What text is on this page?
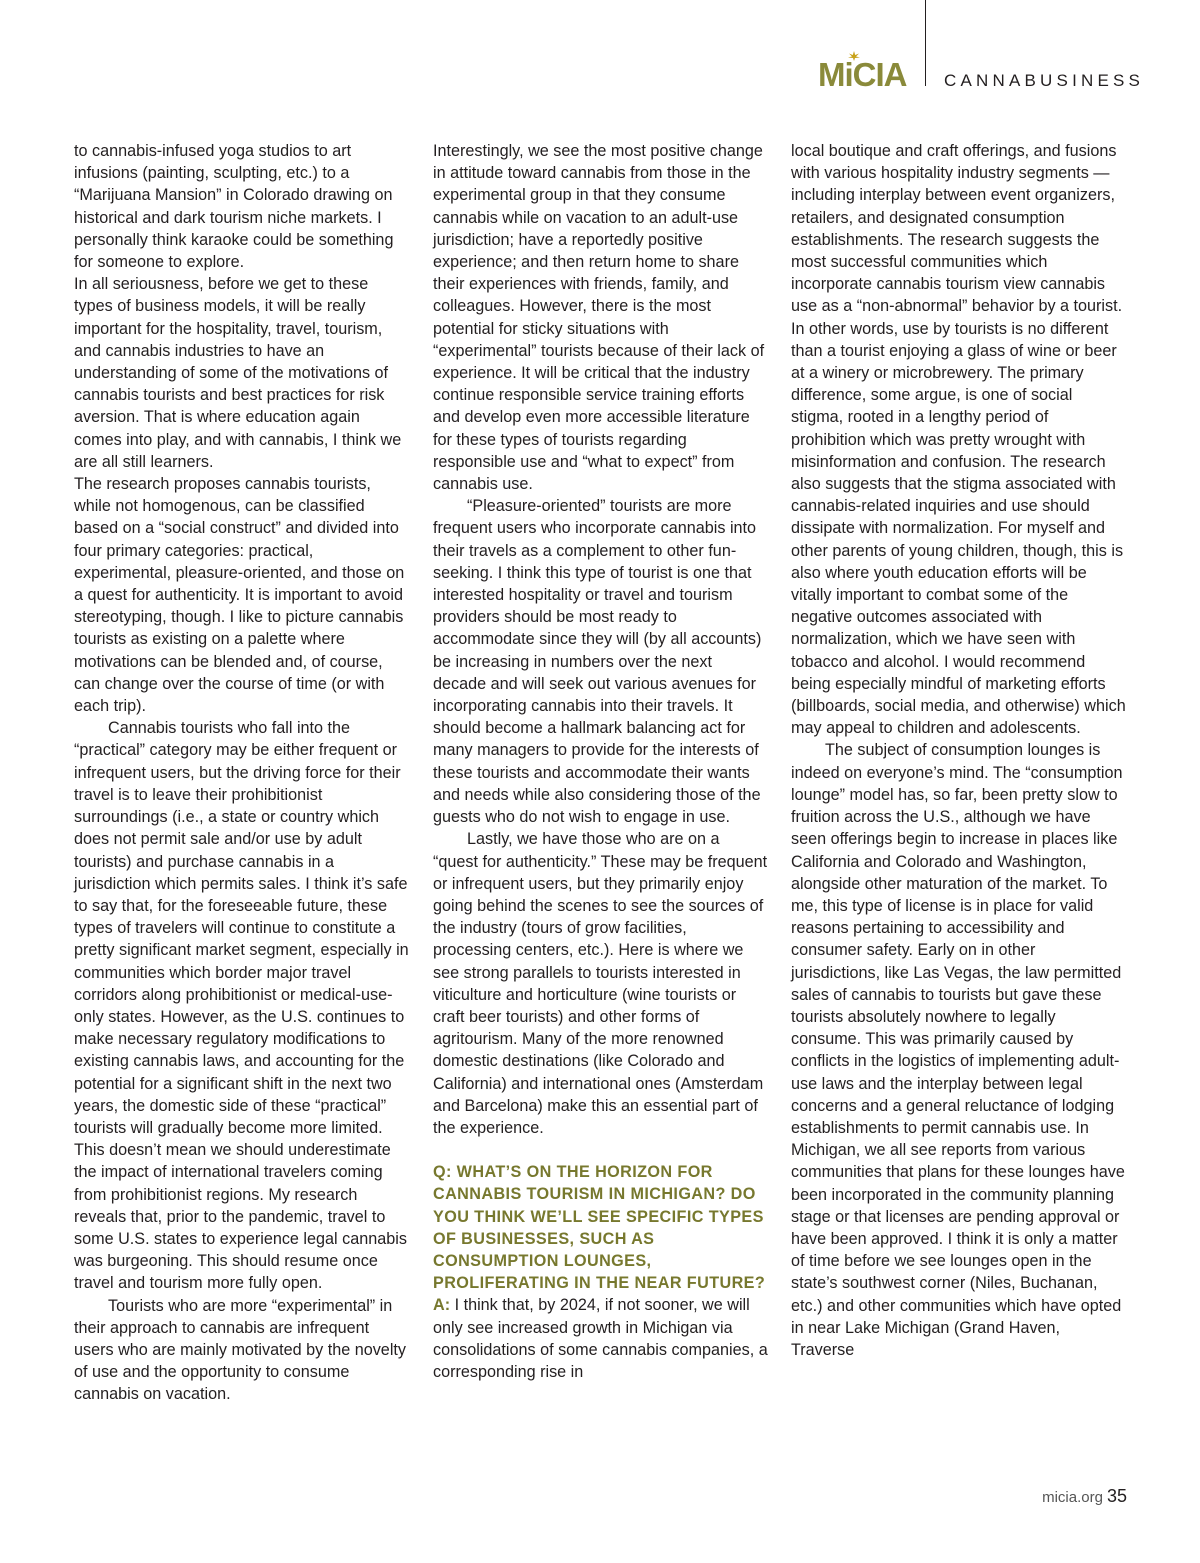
M
iCIA CANNABUSINESS

to cannabis-infused yoga studios to art infusions (painting, sculpting, etc.) to a “Marijuana Mansion” in Colorado drawing on historical and dark tourism niche markets. I personally think karaoke could be something for someone to explore.

In all seriousness, before we get to these types of business models, it will be really important for the hospitality, travel, tourism, and cannabis industries to have an understanding of some of the motivations of cannabis tourists and best practices for risk aversion. That is where education again comes into play, and with cannabis, I think we are all still learners.

The research proposes cannabis tourists, while not homogenous, can be classified based on a “social construct” and divided into four primary categories: practical, experimental, pleasure-oriented, and those on a quest for authenticity. It is important to avoid stereotyping, though. I like to picture cannabis tourists as existing on a palette where motivations can be blended and, of course, can change over the course of time (or with each trip).

Cannabis tourists who fall into the “practical” category may be either frequent or infrequent users, but the driving force for their travel is to leave their prohibitionist surroundings (i.e., a state or country which does not permit sale and/or use by adult tourists) and purchase cannabis in a jurisdiction which permits sales. I think it’s safe to say that, for the foreseeable future, these types of travelers will continue to constitute a pretty significant market segment, especially in communities which border major travel corridors along prohibitionist or medical-use-only states. However, as the U.S. continues to make necessary regulatory modifications to existing cannabis laws, and accounting for the potential for a significant shift in the next two years, the domestic side of these “practical” tourists will gradually become more limited. This doesn’t mean we should underestimate the impact of international travelers coming from prohibitionist regions. My research reveals that, prior to the pandemic, travel to some U.S. states to experience legal cannabis was burgeoning. This should resume once travel and tourism more fully open.

Tourists who are more “experimental” in their approach to cannabis are infrequent users who are mainly motivated by the novelty of use and the opportunity to consume cannabis on vacation.

Interestingly, we see the most positive change in attitude toward cannabis from those in the experimental group in that they consume cannabis while on vacation to an adult-use jurisdiction; have a reportedly positive experience; and then return home to share their experiences with friends, family, and colleagues. However, there is the most potential for sticky situations with “experimental” tourists because of their lack of experience. It will be critical that the industry continue responsible service training efforts and develop even more accessible literature for these types of tourists regarding responsible use and “what to expect” from cannabis use.

“Pleasure-oriented” tourists are more frequent users who incorporate cannabis into their travels as a complement to other fun-seeking. I think this type of tourist is one that interested hospitality or travel and tourism providers should be most ready to accommodate since they will (by all accounts) be increasing in numbers over the next decade and will seek out various avenues for incorporating cannabis into their travels. It should become a hallmark balancing act for many managers to provide for the interests of these tourists and accommodate their wants and needs while also considering those of the guests who do not wish to engage in use.

Lastly, we have those who are on a “quest for authenticity.” These may be frequent or infrequent users, but they primarily enjoy going behind the scenes to see the sources of the industry (tours of grow facilities, processing centers, etc.). Here is where we see strong parallels to tourists interested in viticulture and horticulture (wine tourists or craft beer tourists) and other forms of agritourism. Many of the more renowned domestic destinations (like Colorado and California) and international ones (Amsterdam and Barcelona) make this an essential part of the experience.

Q: WHAT’S ON THE HORIZON FOR CANNABIS TOURISM IN MICHIGAN? DO YOU THINK WE’LL SEE SPECIFIC TYPES OF BUSINESSES, SUCH AS CONSUMPTION LOUNGES, PROLIFERATING IN THE NEAR FUTURE?

A: I think that, by 2024, if not sooner, we will only see increased growth in Michigan via consolidations of some cannabis companies, a corresponding rise in

local boutique and craft offerings, and fusions with various hospitality industry segments — including interplay between event organizers, retailers, and designated consumption establishments. The research suggests the most successful communities which incorporate cannabis tourism view cannabis use as a “non-abnormal” behavior by a tourist. In other words, use by tourists is no different than a tourist enjoying a glass of wine or beer at a winery or microbrewery. The primary difference, some argue, is one of social stigma, rooted in a lengthy period of prohibition which was pretty wrought with misinformation and confusion. The research also suggests that the stigma associated with cannabis-related inquiries and use should dissipate with normalization. For myself and other parents of young children, though, this is also where youth education efforts will be vitally important to combat some of the negative outcomes associated with normalization, which we have seen with tobacco and alcohol. I would recommend being especially mindful of marketing efforts (billboards, social media, and otherwise) which may appeal to children and adolescents.

The subject of consumption lounges is indeed on everyone’s mind. The “consumption lounge” model has, so far, been pretty slow to fruition across the U.S., although we have seen offerings begin to increase in places like California and Colorado and Washington, alongside other maturation of the market. To me, this type of license is in place for valid reasons pertaining to accessibility and consumer safety. Early on in other jurisdictions, like Las Vegas, the law permitted sales of cannabis to tourists but gave these tourists absolutely nowhere to legally consume. This was primarily caused by conflicts in the logistics of implementing adult-use laws and the interplay between legal concerns and a general reluctance of lodging establishments to permit cannabis use. In Michigan, we all see reports from various communities that plans for these lounges have been incorporated in the community planning stage or that licenses are pending approval or have been approved. I think it is only a matter of time before we see lounges open in the state’s southwest corner (Niles, Buchanan, etc.) and other communities which have opted in near Lake Michigan (Grand Haven, Traverse

micia.org 35
